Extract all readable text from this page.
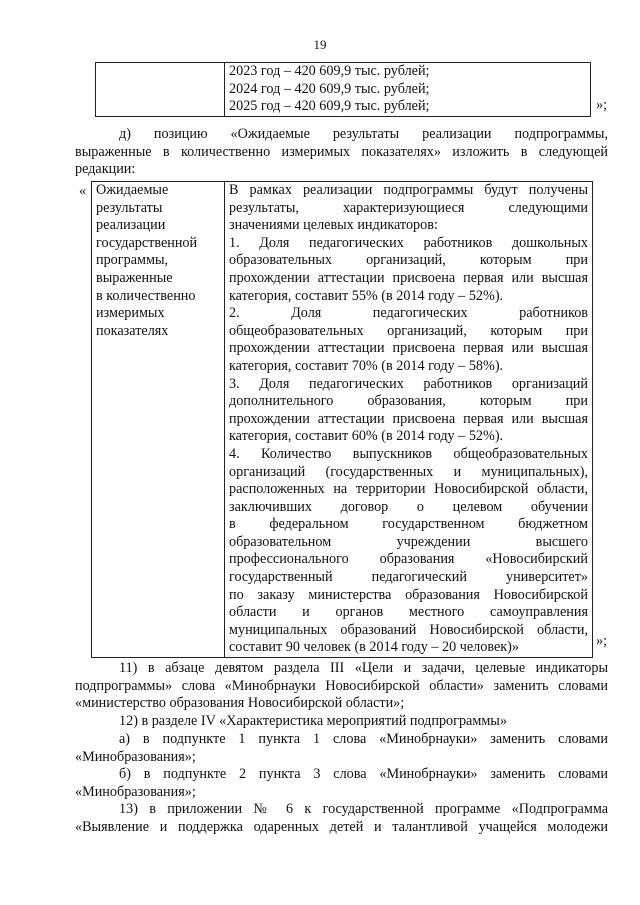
19

2023 год – 420 609,9 тыс. рублей;
2024 год – 420 609,9 тыс. рублей;
2025 год – 420 609,9 тыс. рублей;	»;
д) позицию «Ожидаемые результаты реализации подпрограммы,
выраженные в количественно измеримых показателях» изложить в следующей
редакции:
« Ожидаемые
результаты
реализации
государственной
программы,
выраженные
в количественно
измеримых
показателях

В рамках реализации подпрограммы будут получены
результаты, характеризующиеся следующими
значениями целевых индикаторов:
1. Доля педагогических работников дошкольных
образовательных организаций, которым при
прохождении аттестации присвоена первая или высшая
категория, составит 55% (в 2014 году – 52%).
2. Доля педагогических работников
общеобразовательных организаций, которым при
прохождении аттестации присвоена первая или высшая
категория, составит 70% (в 2014 году – 58%).
3. Доля педагогических работников организаций
дополнительного образования, которым при
прохождении аттестации присвоена первая или высшая
категория, составит 60% (в 2014 году – 52%).
4. Количество выпускников общеобразовательных
организаций (государственных и муниципальных),
расположенных на территории Новосибирской области,
заключивших договор о целевом обучении
в федеральном государственном бюджетном
образовательном учреждении высшего
профессионального образования «Новосибирский
государственный педагогический университет»
по заказу министерства образования Новосибирской
области и органов местного самоуправления
муниципальных образований Новосибирской области,
составит 90 человек (в 2014 году – 20 человек)»	»;
11) в абзаце девятом раздела III «Цели и задачи, целевые индикаторы
подпрограммы» слова «Минобрнауки Новосибирской области» заменить словами
«министерство образования Новосибирской области»;
12) в разделе IV «Характеристика мероприятий подпрограммы»
а) в подпункте 1 пункта 1 слова «Минобрнауки» заменить словами
«Минобразования»;
б) в подпункте 2 пункта 3 слова «Минобрнауки» заменить словами
«Минобразования»;
13) в приложении № 6 к государственной программе «Подпрограмма
«Выявление и поддержка одаренных детей и талантливой учащейся молодежи
